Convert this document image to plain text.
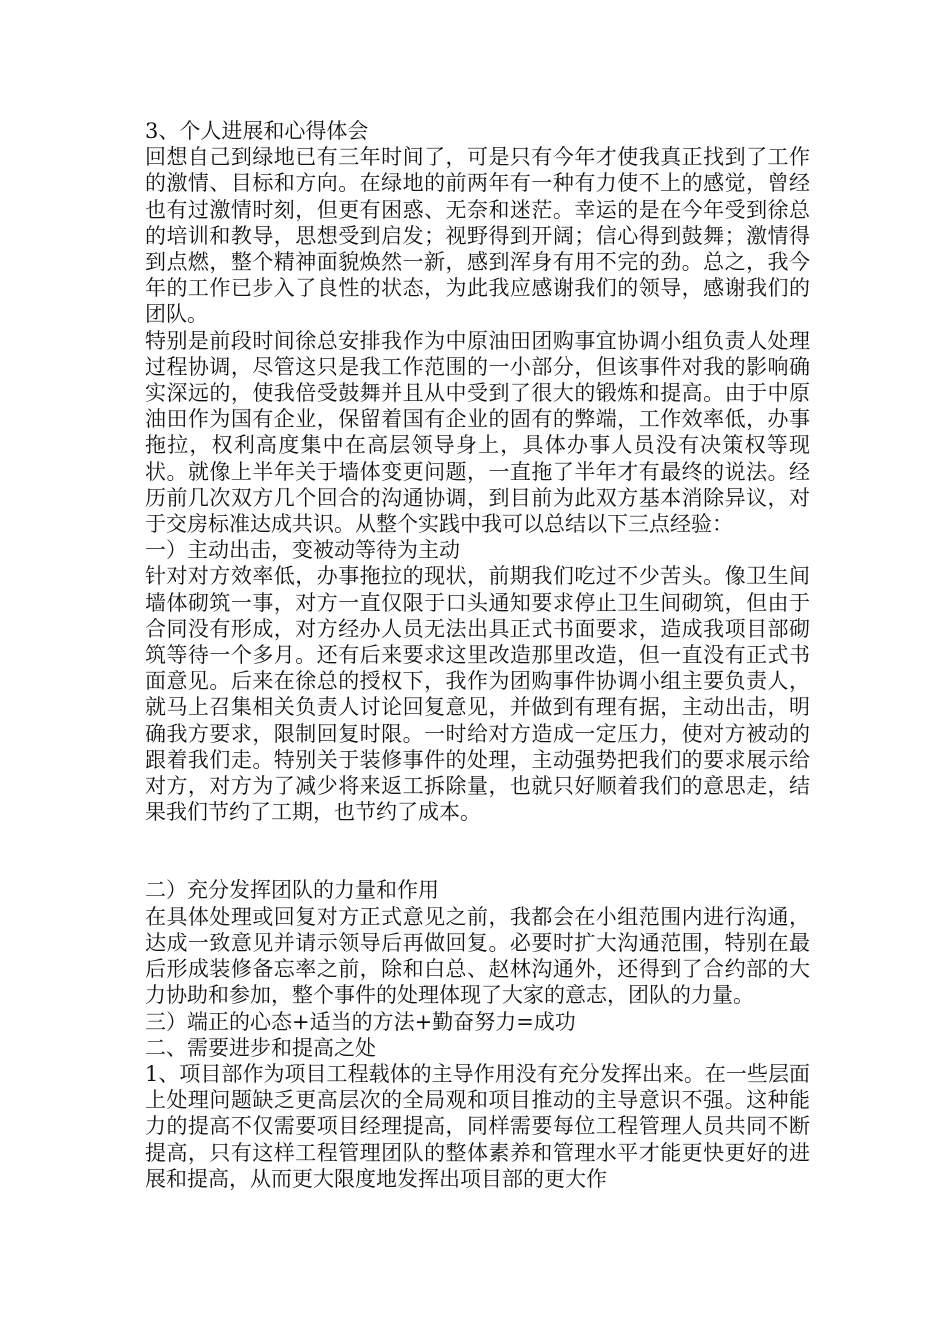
3、个人进展和心得体会

回想自己到绿地已有三年时间了，可是只有今年才使我真正找到了工作的激情、目标和方向。在绿地的前两年有一种有力使不上的感觉，曾经也有过激情时刻，但更有困惑、无奈和迷茫。幸运的是在今年受到徐总的培训和教导，思想受到启发；视野得到开阔；信心得到鼓舞；激情得到点燃，整个精神面貌焕然一新，感到浑身有用不完的劲。总之，我今年的工作已步入了良性的状态，为此我应感谢我们的领导，感谢我们的团队。

特别是前段时间徐总安排我作为中原油田团购事宜协调小组负责人处理过程协调，尽管这只是我工作范围的一小部分，但该事件对我的影响确实深远的，使我倍受鼓舞并且从中受到了很大的锻炼和提高。由于中原油田作为国有企业，保留着国有企业的固有的弊端，工作效率低，办事拖拉，权利高度集中在高层领导身上，具体办事人员没有决策权等现状。就像上半年关于墙体变更问题，一直拖了半年才有最终的说法。经历前几次双方几个回合的沟通协调，到目前为此双方基本消除异议，对于交房标准达成共识。从整个实践中我可以总结以下三点经验：

一）主动出击，变被动等待为主动

针对对方效率低，办事拖拉的现状，前期我们吃过不少苦头。像卫生间墙体砌筑一事，对方一直仅限于口头通知要求停止卫生间砌筑，但由于合同没有形成，对方经办人员无法出具正式书面要求，造成我项目部砌筑等待一个多月。还有后来要求这里改造那里改造，但一直没有正式书面意见。后来在徐总的授权下，我作为团购事件协调小组主要负责人，就马上召集相关负责人讨论回复意见，并做到有理有据，主动出击，明确我方要求，限制回复时限。一时给对方造成一定压力，使对方被动的跟着我们走。特别关于装修事件的处理，主动强势把我们的要求展示给对方，对方为了减少将来返工拆除量，也就只好顺着我们的意思走，结果我们节约了工期，也节约了成本。

二）充分发挥团队的力量和作用

在具体处理或回复对方正式意见之前，我都会在小组范围内进行沟通，达成一致意见并请示领导后再做回复。必要时扩大沟通范围，特别在最后形成装修备忘率之前，除和白总、赵林沟通外，还得到了合约部的大力协助和参加，整个事件的处理体现了大家的意志，团队的力量。

三）端正的心态+适当的方法+勤奋努力=成功

二、需要进步和提高之处

1、项目部作为项目工程载体的主导作用没有充分发挥出来。在一些层面上处理问题缺乏更高层次的全局观和项目推动的主导意识不强。这种能力的提高不仅需要项目经理提高，同样需要每位工程管理人员共同不断提高，只有这样工程管理团队的整体素养和管理水平才能更快更好的进展和提高，从而更大限度地发挥出项目部的更大作
